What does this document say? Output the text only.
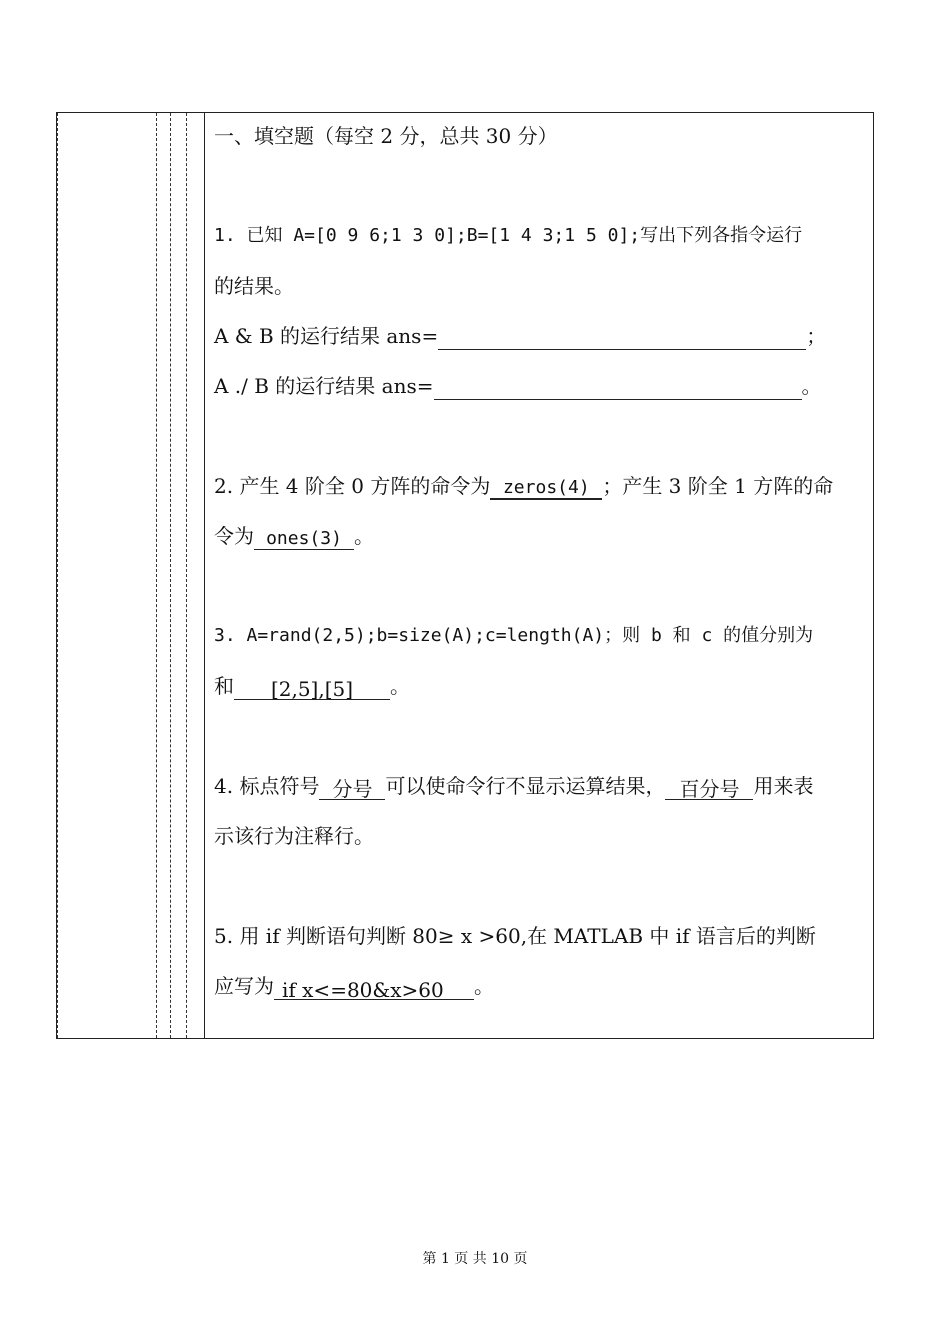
一、填空题（每空 2 分，总共 30 分）
1. 已知 A=[0 9 6;1 3 0];B=[1 4 3;1 5 0];写出下列各指令运行
的结果。
A & B 的运行结果 ans=	；
A ./ B 的运行结果 ans=	。
2. 产生 4 阶全 0 方阵的命令为 zeros(4) ；产生 3 阶全 1 方阵的命
令为 ones(3) 。
3. A=rand(2,5);b=size(A);c=length(A)；则 b 和 c 的值分别为
和 [2,5],[5] 。
4. 标点符号 分号 可以使命令行不显示运算结果， 百分号 用来表
示该行为注释行。
5. 用 if 判断语句判断 80≥ x >60,在 MATLAB 中 if 语言后的判断
应写为 if x<=80&x>60 。
第 1 页 共 10 页
